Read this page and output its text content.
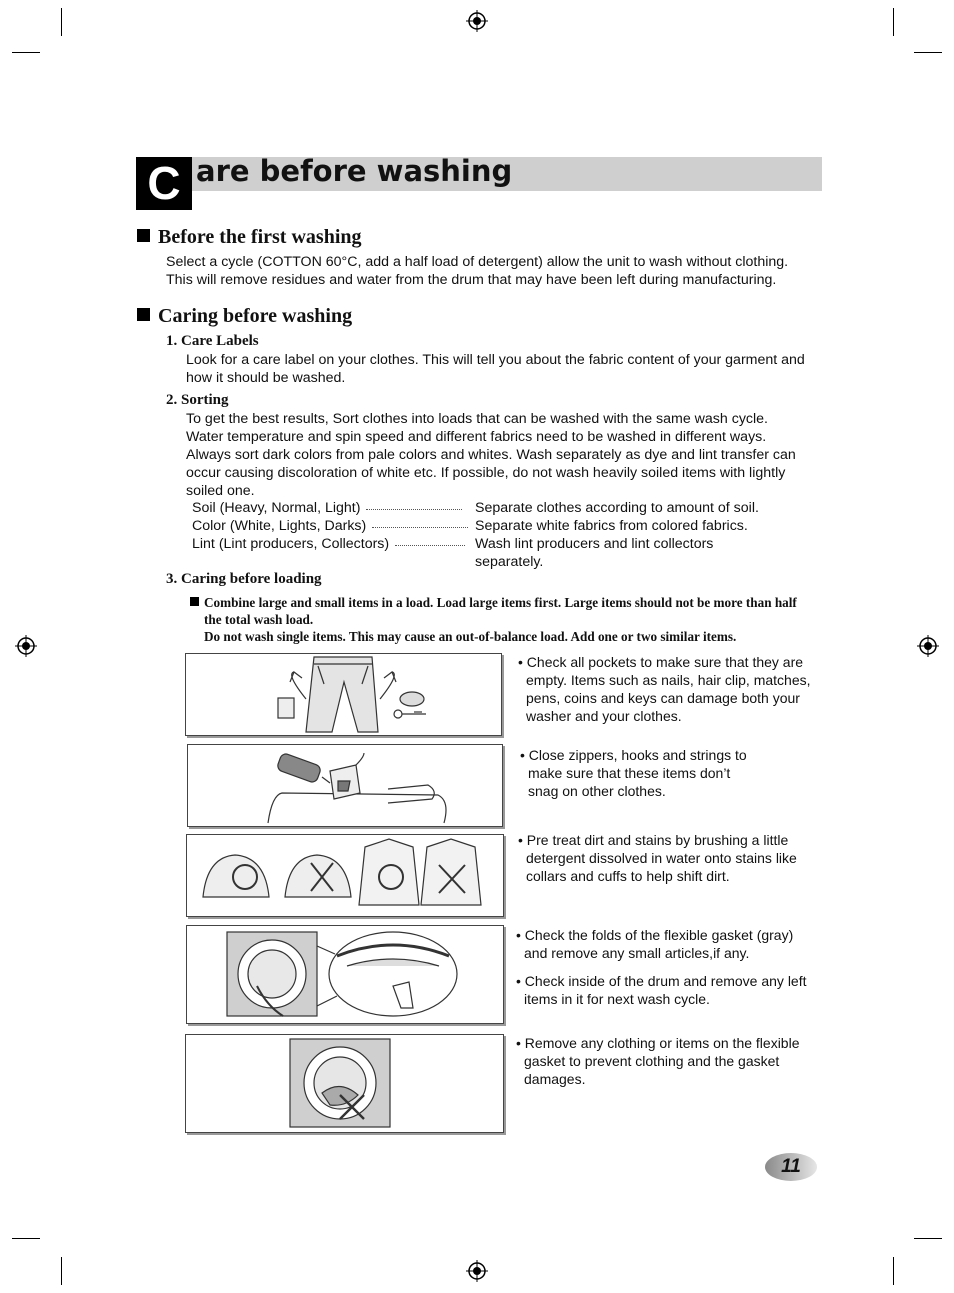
C are before washing
Before the first washing
Select a cycle (COTTON 60°C, add a half load of detergent) allow the unit to wash without clothing.
This will remove residues and water from the drum that may have been left during manufacturing.
Caring before washing
1. Care Labels
Look for a care label on your clothes. This will tell you about the fabric content of your garment and
how it should be washed.
2. Sorting
To get the best results, Sort clothes into loads that can be washed with the same wash cycle.
Water temperature and spin speed and different fabrics need to be washed in different ways.
Always sort dark colors from pale colors and whites. Wash separately as dye and lint transfer can
occur causing discoloration of white etc. If possible, do not wash heavily soiled items with lightly
soiled one.
Soil (Heavy, Normal, Light)	Separate clothes according to amount of soil.
Color (White, Lights, Darks)	Separate white fabrics from colored fabrics.
Lint (Lint producers, Collectors)	Wash lint producers and lint collectors
separately.
3. Caring before loading
Combine large and small items in a load. Load large items first. Large items should not be more than half
the total wash load.
Do not wash single items. This may cause an out-of-balance load. Add one or two similar items.
• Check all pockets to make sure that they are empty. Items such as nails, hair clip, matches, pens, coins and keys can damage both your washer and your clothes.
• Close zippers, hooks and strings to make sure that these items don’t snag on other clothes.
• Pre treat dirt and stains by brushing a little detergent dissolved in water onto stains like collars and cuffs to help shift dirt.
• Check the folds of the flexible gasket (gray) and remove any small articles,if any.
• Check inside of the drum and remove any left items in it for next wash cycle.
• Remove any clothing or items on the flexible gasket to prevent clothing and the gasket damages.
11
